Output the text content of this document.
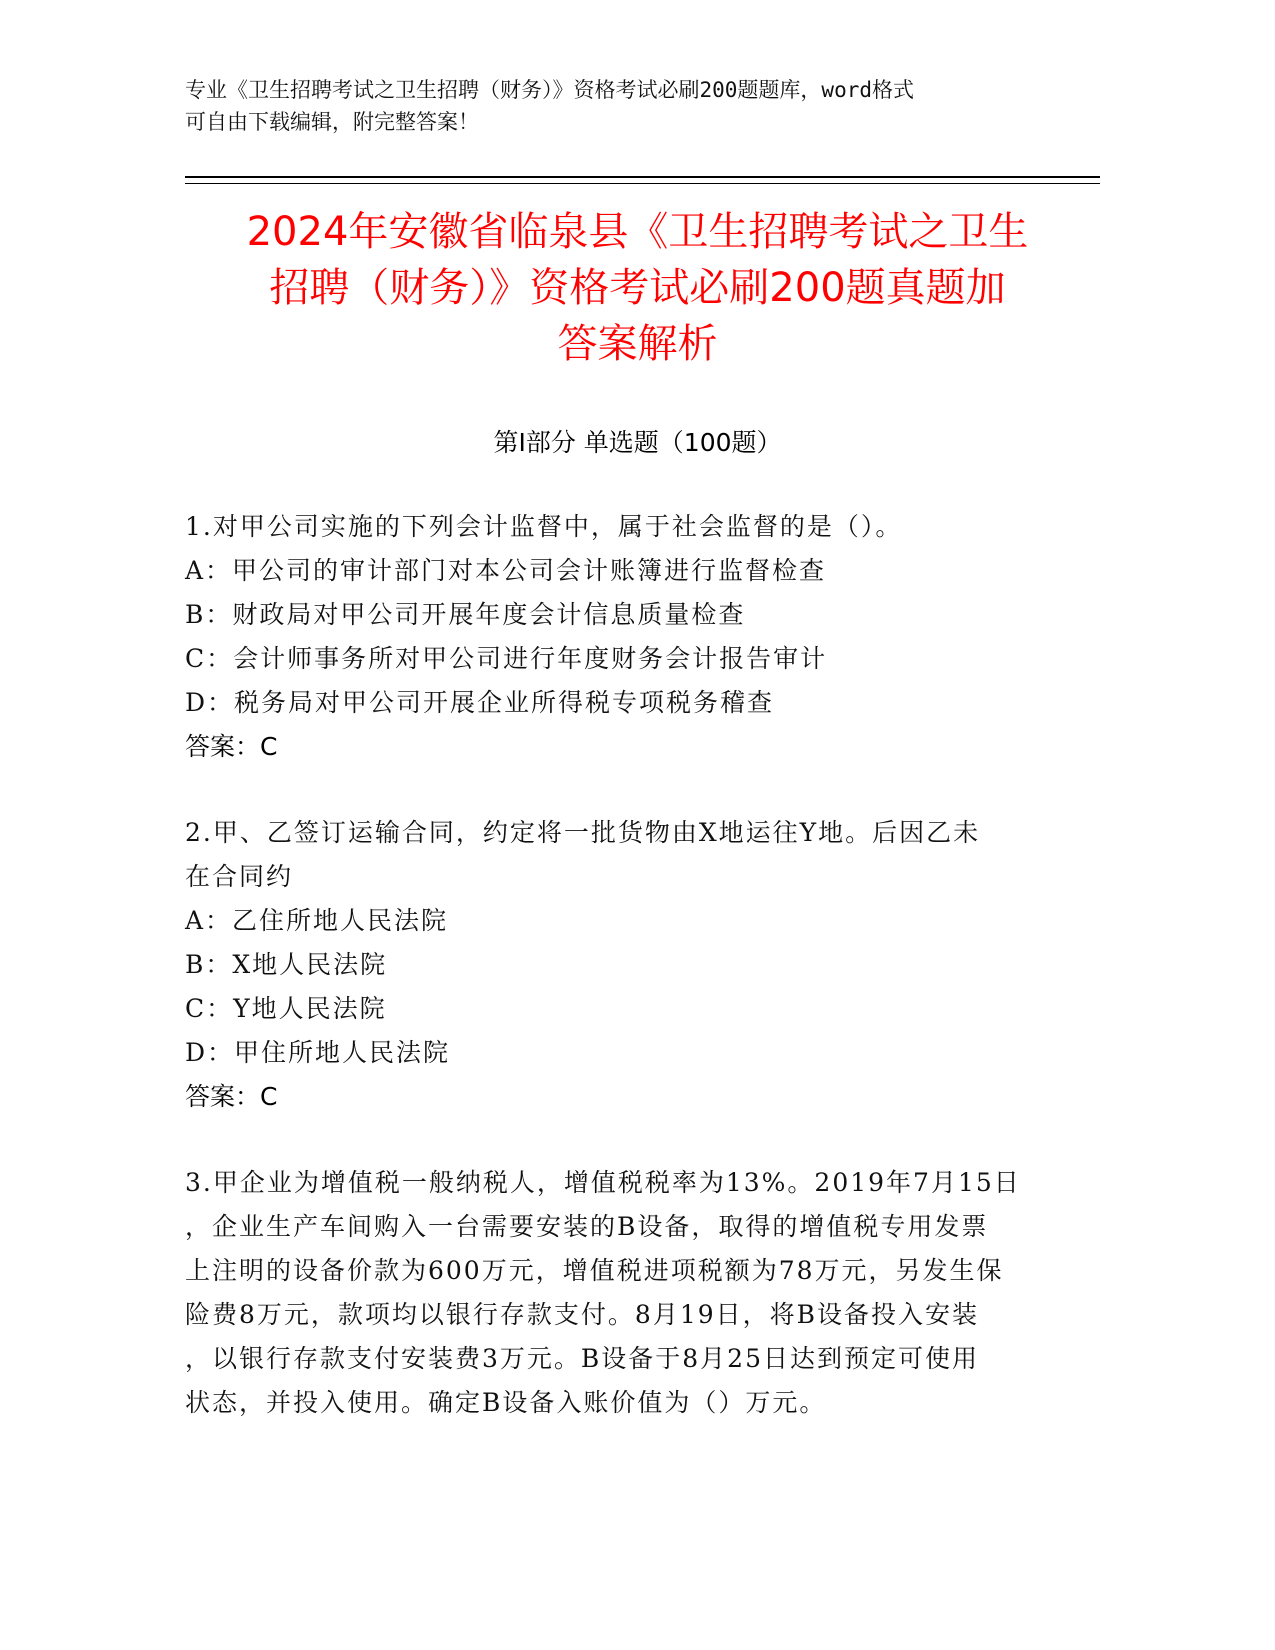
专业《卫生招聘考试之卫生招聘（财务）》资格考试必刷200题题库，word格式
可自由下载编辑，附完整答案！
2024年安徽省临泉县《卫生招聘考试之卫生
招聘（财务）》资格考试必刷200题真题加
答案解析
第I部分 单选题（100题）
1.对甲公司实施的下列会计监督中，属于社会监督的是（）。
A：甲公司的审计部门对本公司会计账簿进行监督检查
B：财政局对甲公司开展年度会计信息质量检查
C：会计师事务所对甲公司进行年度财务会计报告审计
D：税务局对甲公司开展企业所得税专项税务稽查
答案：C
2.甲、乙签订运输合同，约定将一批货物由X地运往Y地。后因乙未
在合同约
A：乙住所地人民法院
B：X地人民法院
C：Y地人民法院
D：甲住所地人民法院
答案：C
3.甲企业为增值税一般纳税人，增值税税率为13%。2019年7月15日
，企业生产车间购入一台需要安装的B设备，取得的增值税专用发票
上注明的设备价款为600万元，增值税进项税额为78万元，另发生保
险费8万元，款项均以银行存款支付。8月19日，将B设备投入安装
，以银行存款支付安装费3万元。B设备于8月25日达到预定可使用
状态，并投入使用。确定B设备入账价值为（）万元。
